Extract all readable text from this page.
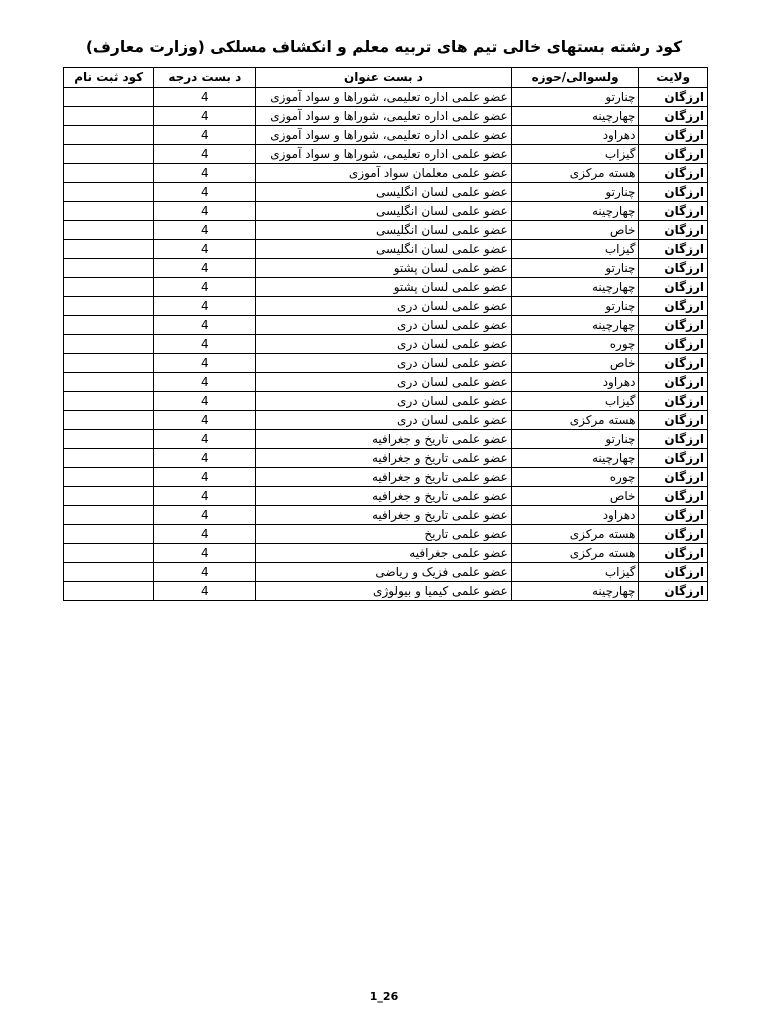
کود رشته بستهای خالی تیم های تربیه معلم و انکشاف مسلکی (وزارت معارف)
ولایت	ولسوالی/حوزه	د بست عنوان	د بست درجه	کود ثبت نام
ارزگان	چنارتو	عضو علمی اداره تعلیمی، شوراها و سواد آموزی	4	
ارزگان	چهارچینه	عضو علمی اداره تعلیمی، شوراها و سواد آموزی	4	
ارزگان	دهراود	عضو علمی اداره تعلیمی، شوراها و سواد آموزی	4	
ارزگان	گیزاب	عضو علمی اداره تعلیمی، شوراها و سواد آموزی	4	
ارزگان	هسته مرکزی	عضو علمی معلمان سواد آموزی	4	
ارزگان	چنارتو	عضو علمی لسان انگلیسی	4	
ارزگان	چهارچینه	عضو علمی لسان انگلیسی	4	
ارزگان	خاص	عضو علمی لسان انگلیسی	4	
ارزگان	گیزاب	عضو علمی لسان انگلیسی	4	
ارزگان	چنارتو	عضو علمی لسان پشتو	4	
ارزگان	چهارچینه	عضو علمی لسان پشتو	4	
ارزگان	چنارتو	عضو علمی لسان دری	4	
ارزگان	چهارچینه	عضو علمی لسان دری	4	
ارزگان	چوره	عضو علمی لسان دری	4	
ارزگان	خاص	عضو علمی لسان دری	4	
ارزگان	دهراود	عضو علمی لسان دری	4	
ارزگان	گیزاب	عضو علمی لسان دری	4	
ارزگان	هسته مرکزی	عضو علمی لسان دری	4	
ارزگان	چنارتو	عضو علمی تاریخ و جغرافیه	4	
ارزگان	چهارچینه	عضو علمی تاریخ و جغرافیه	4	
ارزگان	چوره	عضو علمی تاریخ و جغرافیه	4	
ارزگان	خاص	عضو علمی تاریخ و جغرافیه	4	
ارزگان	دهراود	عضو علمی تاریخ و جغرافیه	4	
ارزگان	هسته مرکزی	عضو علمی تاریخ	4	
ارزگان	هسته مرکزی	عضو علمی جغرافیه	4	
ارزگان	گیزاب	عضو علمی فزیک و ریاضی	4	
ارزگان	چهارچینه	عضو علمی کیمیا و بیولوژی	4	
1_26
